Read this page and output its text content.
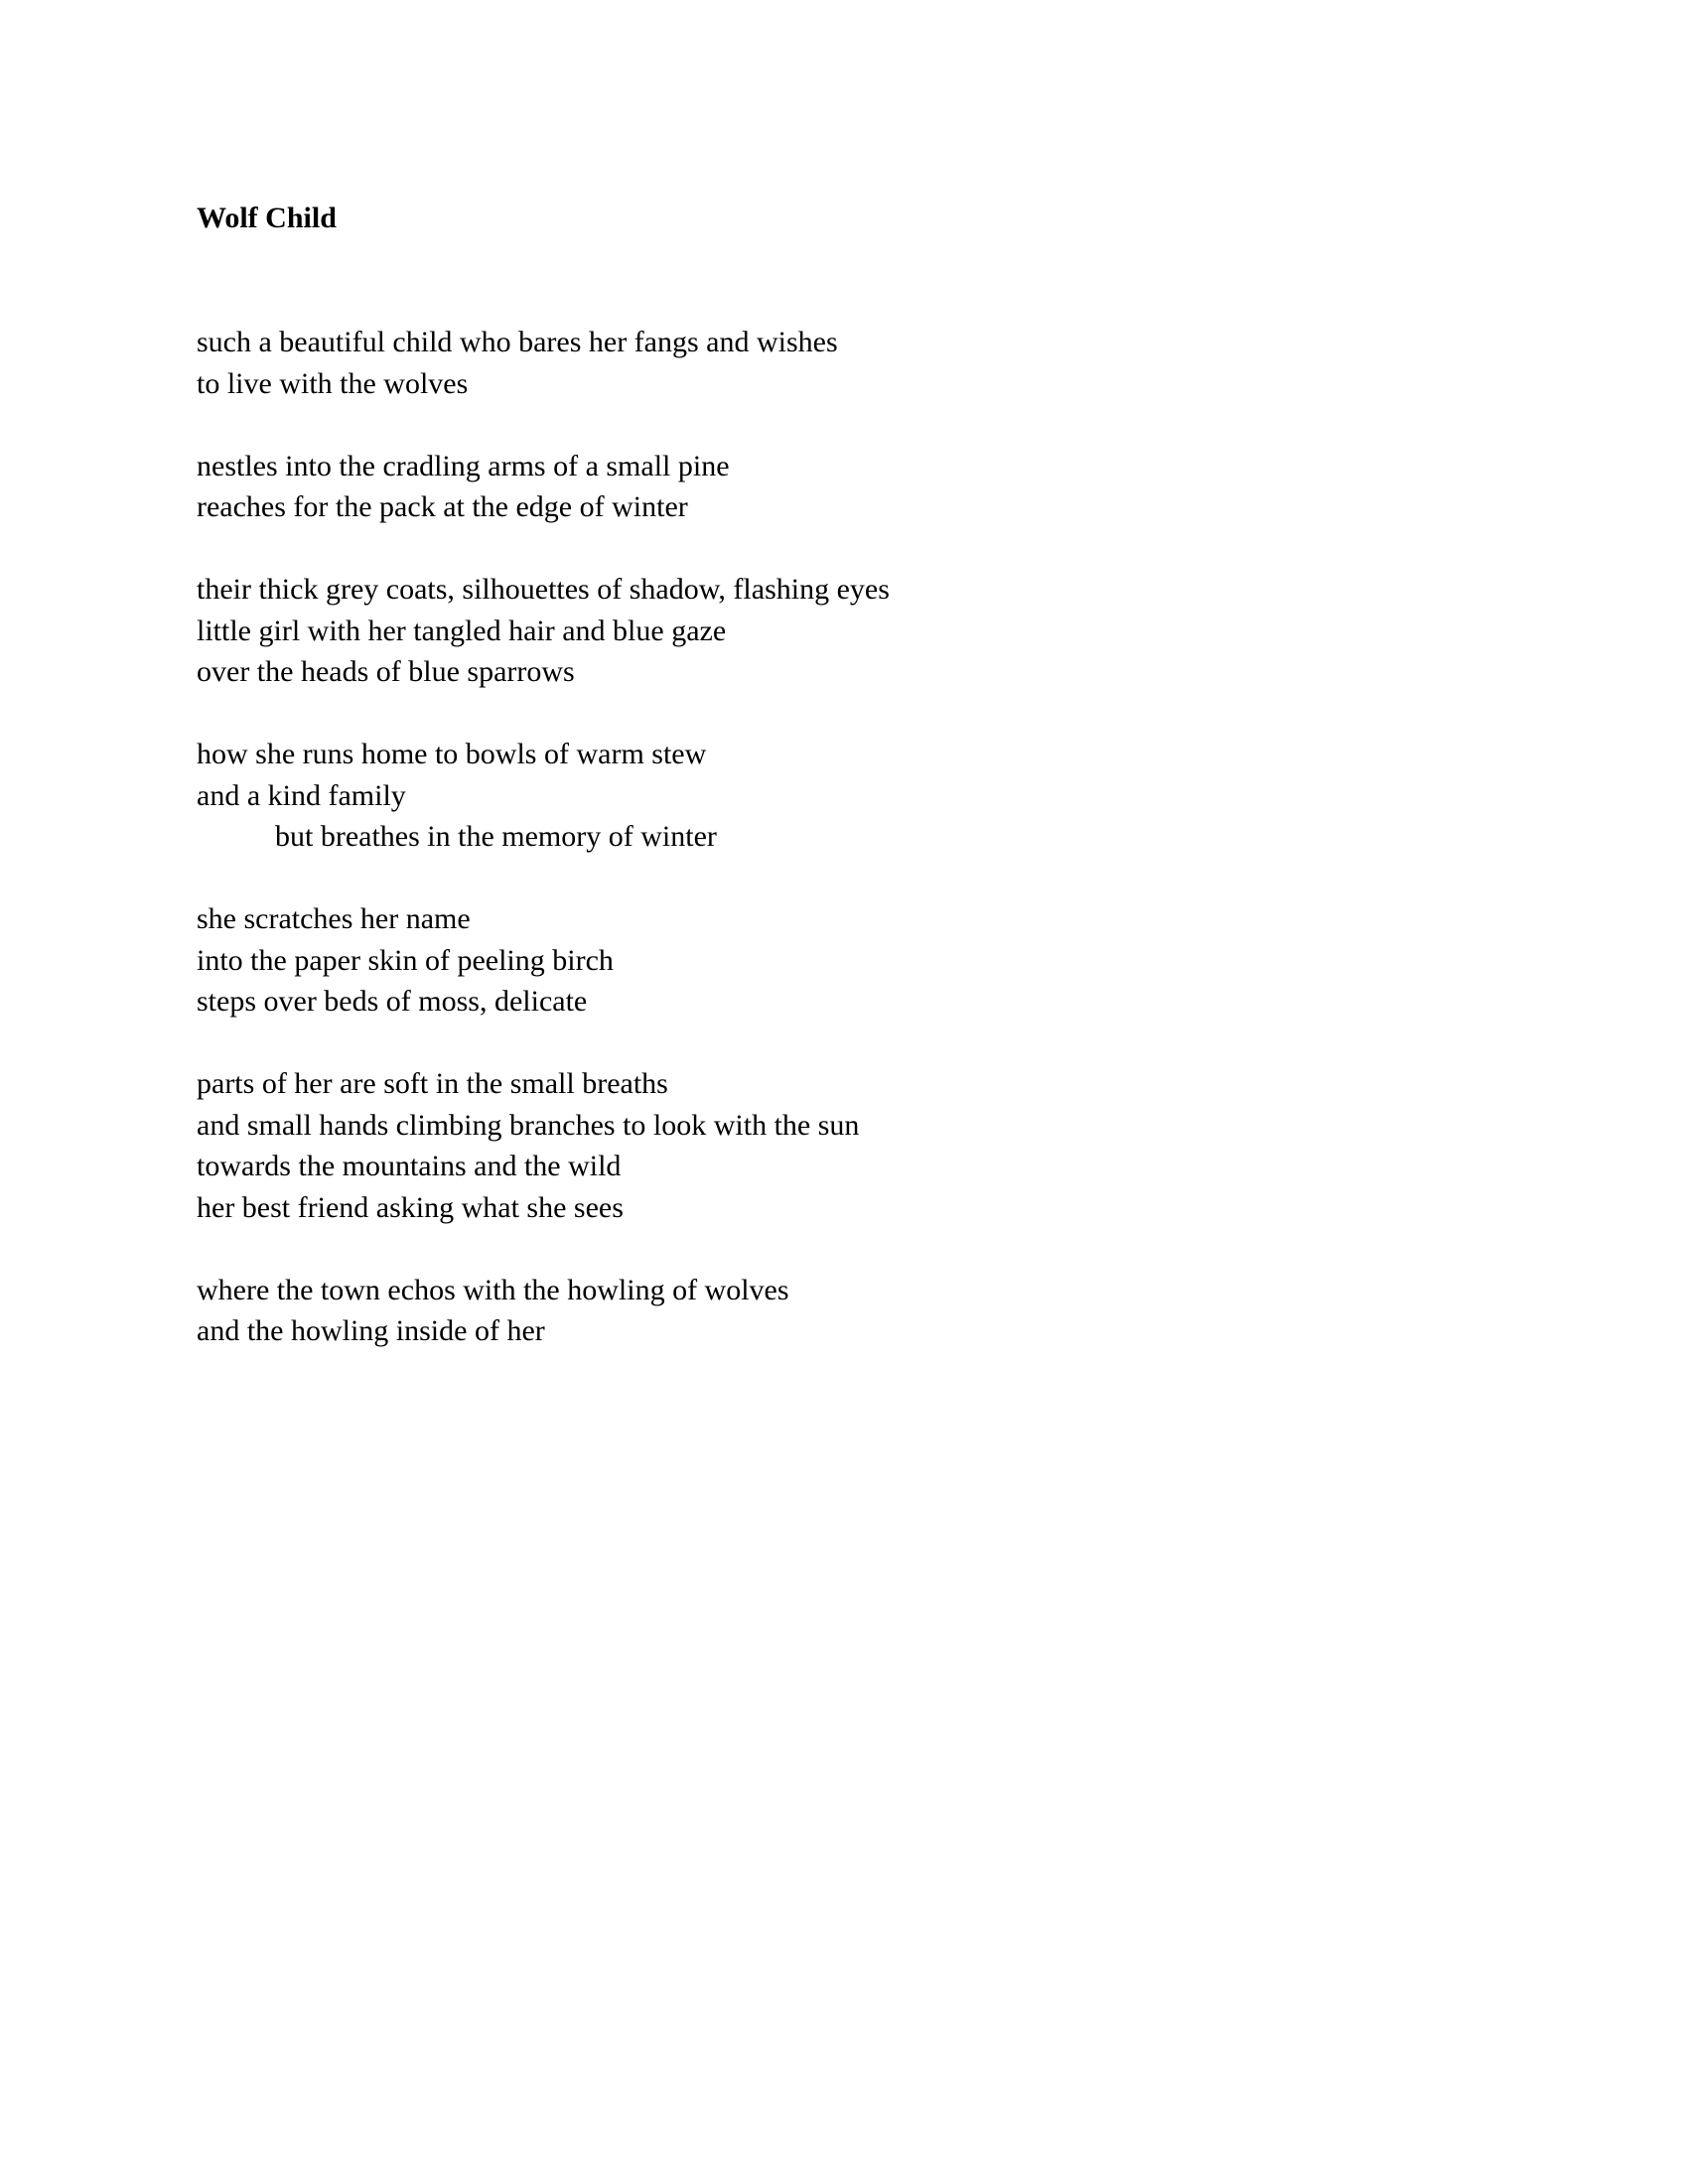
Wolf Child
such a beautiful child who bares her fangs and wishes
to live with the wolves
nestles into the cradling arms of a small pine
reaches for the pack at the edge of winter
their thick grey coats, silhouettes of shadow, flashing eyes
little girl with her tangled hair and blue gaze
over the heads of blue sparrows
how she runs home to bowls of warm stew
and a kind family
but breathes in the memory of winter
she scratches her name
into the paper skin of peeling birch
steps over beds of moss, delicate
parts of her are soft in the small breaths
and small hands climbing branches to look with the sun
towards the mountains and the wild
her best friend asking what she sees
where the town echos with the howling of wolves
and the howling inside of her
